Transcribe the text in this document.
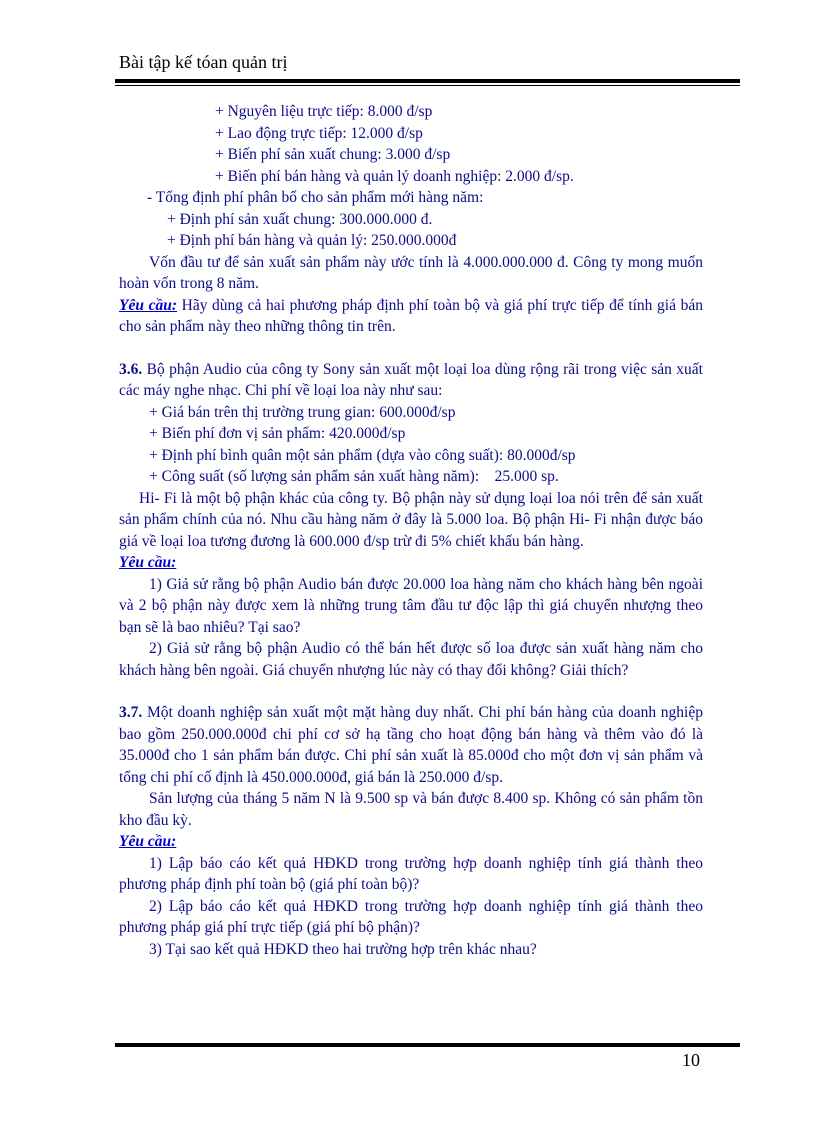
Bài tập kế tóan quản trị
+ Nguyên liệu trực tiếp: 8.000 đ/sp
+ Lao động trực tiếp: 12.000 đ/sp
+ Biến phí sản xuất chung: 3.000 đ/sp
+ Biến phí bán hàng và quản lý doanh nghiệp: 2.000 đ/sp.
- Tổng định phí phân bổ cho sản phẩm mới hàng năm:
+ Định phí sản xuất chung: 300.000.000 đ.
+ Định phí bán hàng và quản lý: 250.000.000đ
Vốn đầu tư để sản xuất sản phẩm này ước tính là 4.000.000.000 đ. Công ty mong muốn hoàn vốn trong 8 năm.
Yêu cầu: Hãy dùng cả hai phương pháp định phí toàn bộ và giá phí trực tiếp để tính giá bán cho sản phẩm này theo những thông tin trên.
3.6. Bộ phận Audio của công ty Sony sản xuất một loại loa dùng rộng rãi trong việc sản xuất các máy nghe nhạc. Chi phí về loại loa này như sau:
+ Giá bán trên thị trường trung gian: 600.000đ/sp
+ Biến phí đơn vị sản phẩm: 420.000đ/sp
+ Định phí bình quân một sản phẩm (dựa vào công suất): 80.000đ/sp
+ Công suất (số lượng sản phẩm sản xuất hàng năm):    25.000 sp.
Hi- Fi là một bộ phận khác của công ty. Bộ phận này sử dụng loại loa nói trên để sản xuất sản phẩm chính của nó. Nhu cầu hàng năm ở đây là 5.000 loa. Bộ phận Hi- Fi nhận được báo giá về loại loa tương đương là 600.000 đ/sp trừ đi 5% chiết khấu bán hàng.
Yêu cầu:
1) Giả sử rằng bộ phận Audio bán được 20.000 loa hàng năm cho khách hàng bên ngoài và 2 bộ phận này được xem là những trung tâm đầu tư độc lập thì giá chuyển nhượng theo bạn sẽ là bao nhiêu? Tại sao?
2) Giả sử rằng bộ phận Audio có thể bán hết được số loa được sản xuất hàng năm cho khách hàng bên ngoài. Giá chuyển nhượng lúc này có thay đổi không? Giải thích?
3.7. Một doanh nghiệp sản xuất một mặt hàng duy nhất. Chi phí bán hàng của doanh nghiệp bao gồm 250.000.000đ chi phí cơ sở hạ tầng cho hoạt động bán hàng và thêm vào đó là 35.000đ cho 1 sản phẩm bán được. Chi phí sản xuất là 85.000đ cho một đơn vị sản phẩm và tổng chi phí cố định là 450.000.000đ, giá bán là 250.000 đ/sp.
Sản lượng của tháng 5 năm N là 9.500 sp và bán được 8.400 sp. Không có sản phẩm tồn kho đầu kỳ.
Yêu cầu:
1) Lập báo cáo kết quả HĐKD trong trường hợp doanh nghiệp tính giá thành theo phương pháp định phí toàn bộ (giá phí toàn bộ)?
2) Lập báo cáo kết quả HĐKD trong trường hợp doanh nghiệp tính giá thành theo phương pháp giá phí trực tiếp (giá phí bộ phận)?
3) Tại sao kết quả HĐKD theo hai trường hợp trên khác nhau?
10
